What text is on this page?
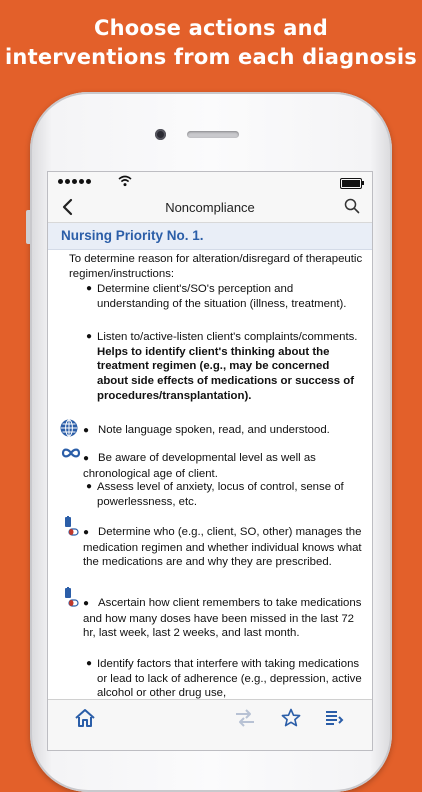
Choose actions and
interventions from each diagnosis
Noncompliance
Nursing Priority No. 1.
To determine reason for alteration/disregard of therapeutic regimen/instructions:
● Determine client's/SO's perception and understanding of the situation (illness, treatment).
● Listen to/active-listen client's complaints/comments. Helps to identify client's thinking about the treatment regimen (e.g., may be concerned about side effects of medications or success of procedures/transplantation).
● Note language spoken, read, and understood.
● Be aware of developmental level as well as chronological age of client.
● Assess level of anxiety, locus of control, sense of powerlessness, etc.
● Determine who (e.g., client, SO, other) manages the medication regimen and whether individual knows what the medications are and why they are prescribed.
● Ascertain how client remembers to take medications and how many doses have been missed in the last 72 hr, last week, last 2 weeks, and last month.
● Identify factors that interfere with taking medications or lead to lack of adherence (e.g., depression, active alcohol or other drug use,
